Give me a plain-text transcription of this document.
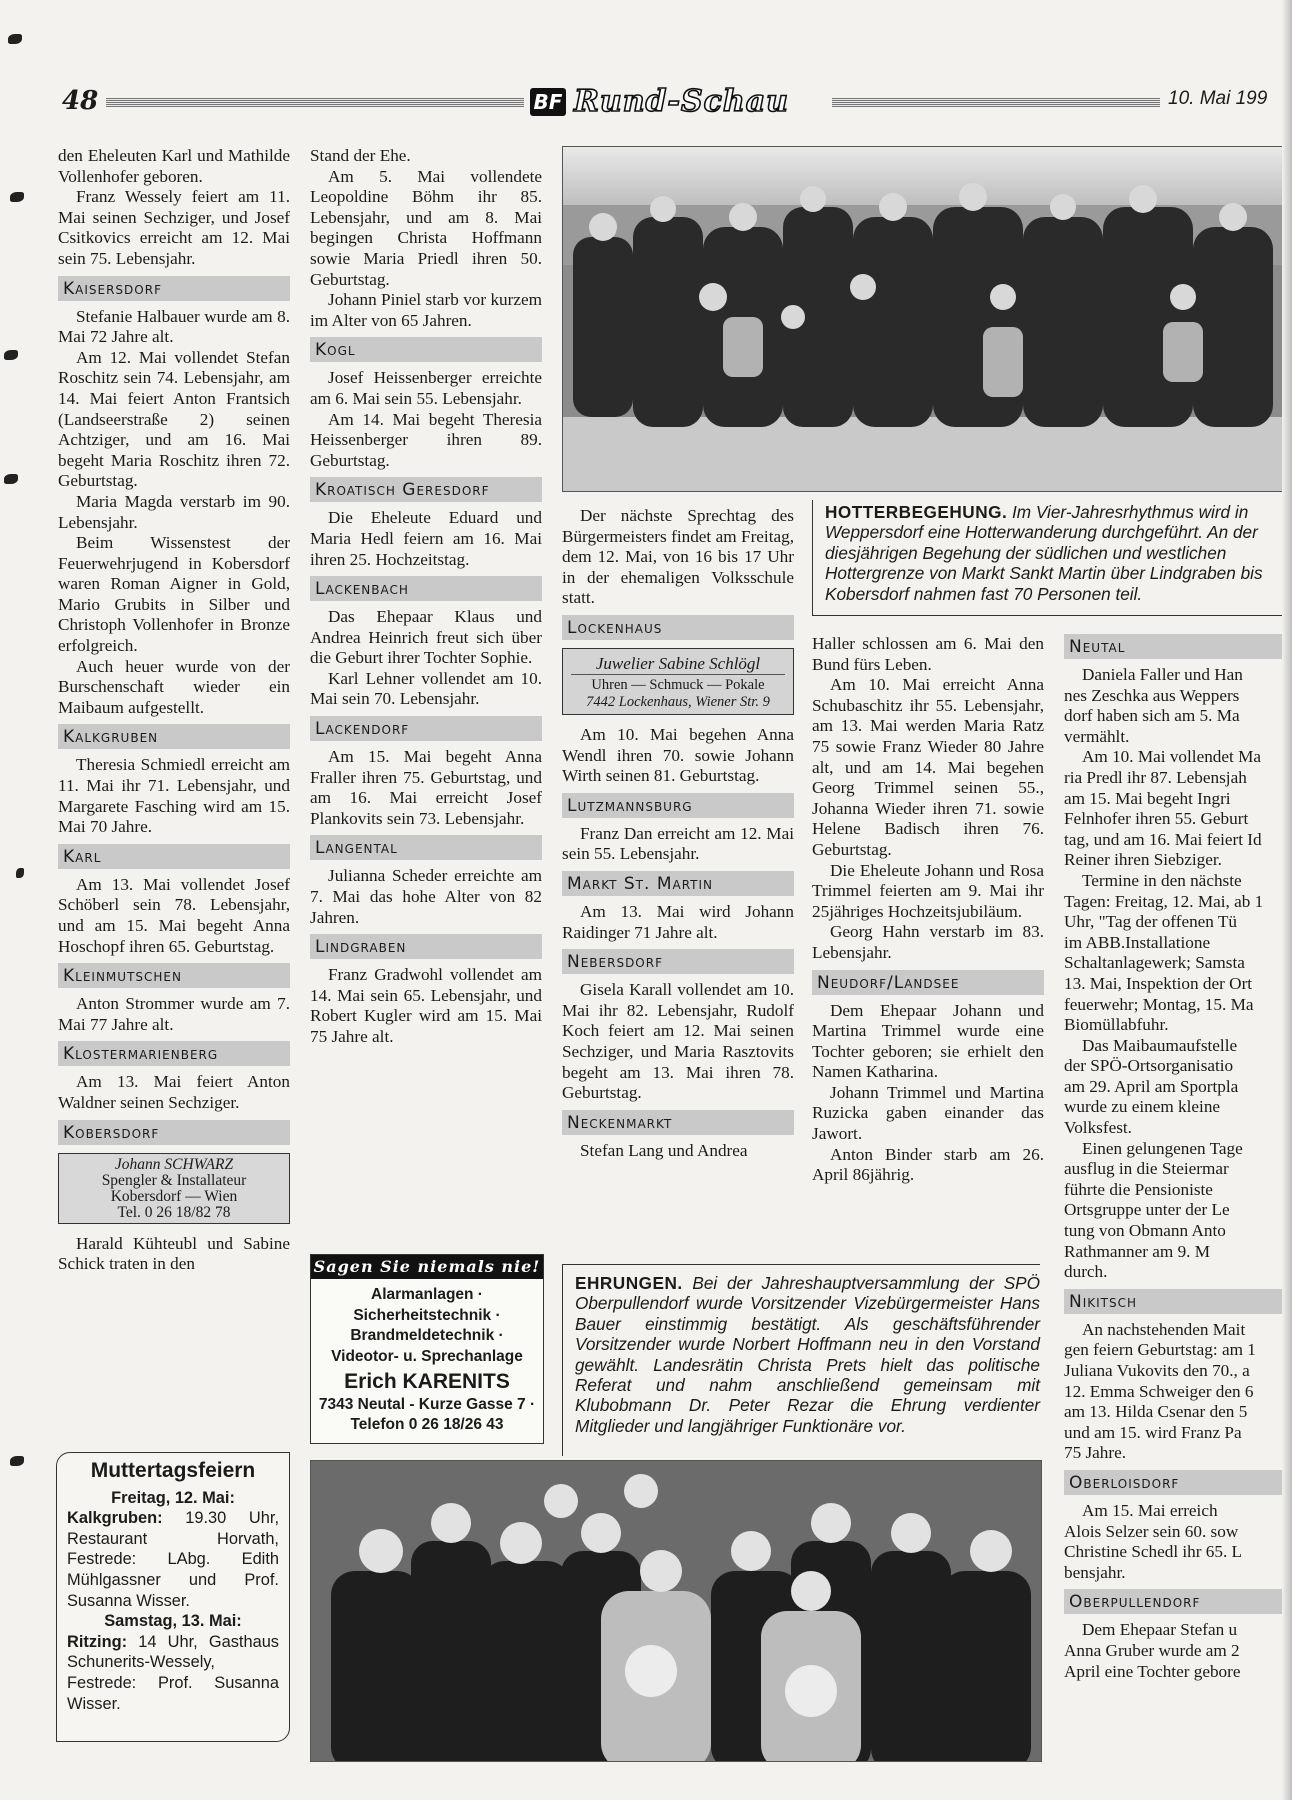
48	BF Rund-Schau	10. Mai 199

den Eheleuten Karl und Mathilde Vollenhofer geboren.

Franz Wessely feiert am 11. Mai seinen Sechziger, und Josef Csitkovics erreicht am 12. Mai sein 75. Lebensjahr.

Kaisersdorf

Stefanie Halbauer wurde am 8. Mai 72 Jahre alt.

Am 12. Mai vollendet Stefan Roschitz sein 74. Lebensjahr, am 14. Mai feiert Anton Frantsich (Landseerstraße 2) seinen Achtziger, und am 16. Mai begeht Maria Roschitz ihren 72. Geburtstag.

Maria Magda verstarb im 90. Lebensjahr.

Beim Wissenstest der Feuerwehrjugend in Kobersdorf waren Roman Aigner in Gold, Mario Grubits in Silber und Christoph Vollenhofer in Bronze erfolgreich.

Auch heuer wurde von der Burschenschaft wieder ein Maibaum aufgestellt.

Kalkgruben

Theresia Schmiedl erreicht am 11. Mai ihr 71. Lebensjahr, und Margarete Fasching wird am 15. Mai 70 Jahre.

Karl

Am 13. Mai vollendet Josef Schöberl sein 78. Lebensjahr, und am 15. Mai begeht Anna Hoschopf ihren 65. Geburtstag.

Kleinmutschen

Anton Strommer wurde am 7. Mai 77 Jahre alt.

Klostermarienberg

Am 13. Mai feiert Anton Waldner seinen Sechziger.

Kobersdorf
Johann SCHWARZ
Spengler & Installateur
Kobersdorf — Wien
Tel. 0 26 18/82 78

Harald Kühteubl und Sabine Schick traten in den

Muttertagsfeiern
Freitag, 12. Mai:
Kalkgruben: 19.30 Uhr, Restaurant Horvath, Festrede: LAbg. Edith Mühlgassner und Prof. Susanna Wisser.
Samstag, 13. Mai:
Ritzing: 14 Uhr, Gasthaus Schunerits-Wessely, Festrede: Prof. Susanna Wisser.

Stand der Ehe.

Am 5. Mai vollendete Leopoldine Böhm ihr 85. Lebensjahr, und am 8. Mai begingen Christa Hoffmann sowie Maria Priedl ihren 50. Geburtstag.

Johann Piniel starb vor kurzem im Alter von 65 Jahren.

Kogl

Josef Heissenberger erreichte am 6. Mai sein 55. Lebensjahr.

Am 14. Mai begeht Theresia Heissenberger ihren 89. Geburtstag.

Kroatisch Geresdorf

Die Eheleute Eduard und Maria Hedl feiern am 16. Mai ihren 25. Hochzeitstag.

Lackenbach

Das Ehepaar Klaus und Andrea Heinrich freut sich über die Geburt ihrer Tochter Sophie.

Karl Lehner vollendet am 10. Mai sein 70. Lebensjahr.

Lackendorf

Am 15. Mai begeht Anna Fraller ihren 75. Geburtstag, und am 16. Mai erreicht Josef Plankovits sein 73. Lebensjahr.

Langental

Julianna Scheder erreichte am 7. Mai das hohe Alter von 82 Jahren.

Lindgraben

Franz Gradwohl vollendet am 14. Mai sein 65. Lebensjahr, und Robert Kugler wird am 15. Mai 75 Jahre alt.

Sagen Sie niemals nie!
Alarmanlagen ·
Sicherheitstechnik ·
Brandmeldetechnik ·
Videotor- u. Sprechanlage
Erich KARENITS
7343 Neutal - Kurze Gasse 7 ·
Telefon 0 26 18/26 43

Der nächste Sprechtag des Bürgermeisters findet am Freitag, dem 12. Mai, von 16 bis 17 Uhr in der ehemaligen Volksschule statt.

Lockenhaus
Juwelier Sabine Schlögl
Uhren — Schmuck — Pokale
7442 Lockenhaus, Wiener Str. 9

Am 10. Mai begehen Anna Wendl ihren 70. sowie Johann Wirth seinen 81. Geburtstag.

Lutzmannsburg

Franz Dan erreicht am 12. Mai sein 55. Lebensjahr.

Markt St. Martin

Am 13. Mai wird Johann Raidinger 71 Jahre alt.

Nebersdorf

Gisela Karall vollendet am 10. Mai ihr 82. Lebensjahr, Rudolf Koch feiert am 12. Mai seinen Sechziger, und Maria Rasztovits begeht am 13. Mai ihren 78. Geburtstag.

Neckenmarkt

Stefan Lang und Andrea

HOTTERBEGEHUNG. Im Vier-Jahresrhythmus wird in Weppersdorf eine Hotterwanderung durchgeführt. An der diesjährigen Begehung der südlichen und westlichen Hottergrenze von Markt Sankt Martin über Lindgraben bis Kobersdorf nahmen fast 70 Personen teil.

Haller schlossen am 6. Mai den Bund fürs Leben.

Am 10. Mai erreicht Anna Schubaschitz ihr 55. Lebensjahr, am 13. Mai werden Maria Ratz 75 sowie Franz Wieder 80 Jahre alt, und am 14. Mai begehen Georg Trimmel seinen 55., Johanna Wieder ihren 71. sowie Helene Badisch ihren 76. Geburtstag.

Die Eheleute Johann und Rosa Trimmel feierten am 9. Mai ihr 25jähriges Hochzeitsjubiläum.

Georg Hahn verstarb im 83. Lebensjahr.

Neudorf/Landsee

Dem Ehepaar Johann und Martina Trimmel wurde eine Tochter geboren; sie erhielt den Namen Katharina.

Johann Trimmel und Martina Ruzicka gaben einander das Jawort.

Anton Binder starb am 26. April 86jährig.

EHRUNGEN. Bei der Jahreshauptversammlung der SPÖ Oberpullendorf wurde Vorsitzender Vizebürgermeister Hans Bauer einstimmig bestätigt. Als geschäftsführender Vorsitzender wurde Norbert Hoffmann neu in den Vorstand gewählt. Landesrätin Christa Prets hielt das politische Referat und nahm anschließend gemeinsam mit Klubobmann Dr. Peter Rezar die Ehrung verdienter Mitglieder und langjähriger Funktionäre vor.
Neutal
Daniela Faller und Han
nes Zeschka aus Weppers
dorf haben sich am 5. Ma
vermählt.
Am 10. Mai vollendet Ma
ria Predl ihr 87. Lebensjah
am 15. Mai begeht Ingri
Felnhofer ihren 55. Geburt
tag, und am 16. Mai feiert Id
Reiner ihren Siebziger.
Termine in den nächste
Tagen: Freitag, 12. Mai, ab 1
Uhr, "Tag der offenen Tü
im ABB.Installatione
Schaltanlagewerk; Samsta
13. Mai, Inspektion der Ort
feuerwehr; Montag, 15. Ma
Biomüllabfuhr.
Das Maibaumaufstelle
der SPÖ-Ortsorganisatio
am 29. April am Sportpla
wurde zu einem kleine
Volksfest.
Einen gelungenen Tage
ausflug in die Steiermar
führte die Pensioniste
Ortsgruppe unter der Le
tung von Obmann Anto
Rathmanner am 9. M
durch.
Nikitsch
An nachstehenden Mait
gen feiern Geburtstag: am 1
Juliana Vukovits den 70., a
12. Emma Schweiger den 6
am 13. Hilda Csenar den 5
und am 15. wird Franz Pa
75 Jahre.
Oberloisdorf
Am 15. Mai erreich
Alois Selzer sein 60. sow
Christine Schedl ihr 65. L
bensjahr.
Oberpullendorf
Dem Ehepaar Stefan u
Anna Gruber wurde am 2
April eine Tochter gebore
